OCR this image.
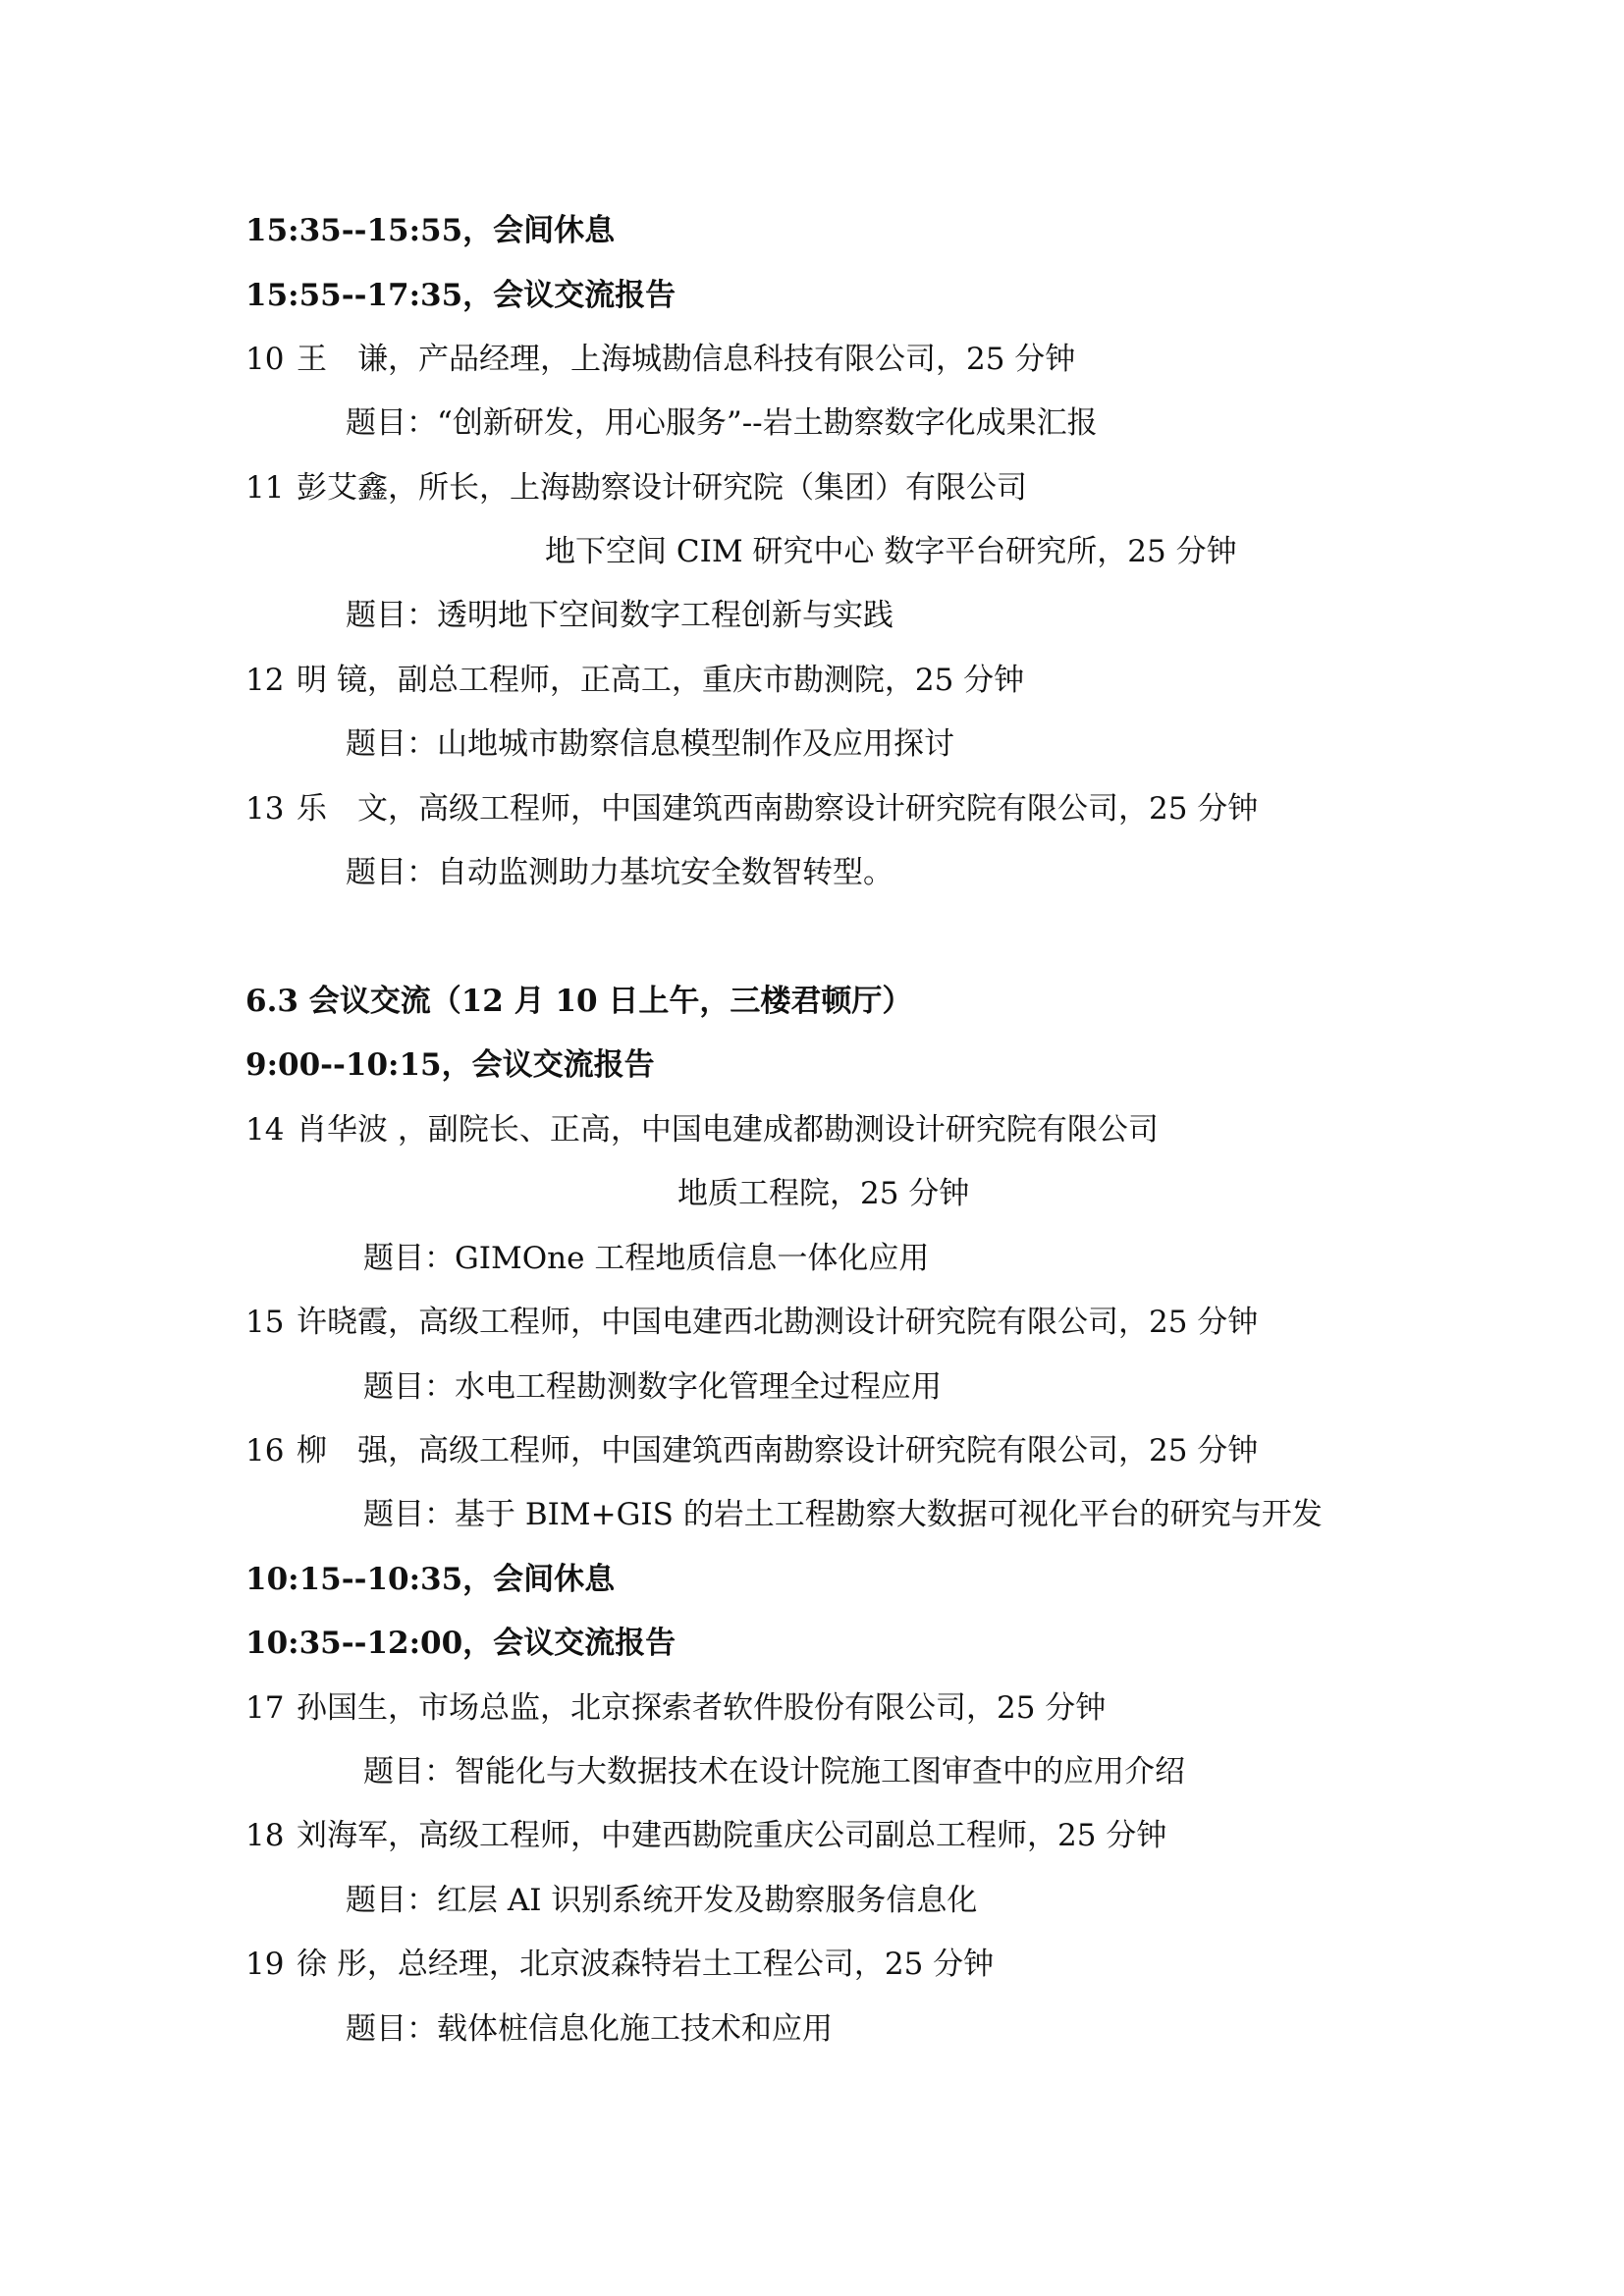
15:35--15:55，会间休息
15:55--17:35，会议交流报告
10 王　谦，产品经理，上海城勘信息科技有限公司，25 分钟
题目：“创新研发，用心服务”--岩土勘察数字化成果汇报
11 彭艾鑫，所长，上海勘察设计研究院（集团）有限公司
地下空间 CIM 研究中心 数字平台研究所，25 分钟
题目：透明地下空间数字工程创新与实践
12 明 镜，副总工程师，正高工，重庆市勘测院，25 分钟
题目：山地城市勘察信息模型制作及应用探讨
13 乐　文，高级工程师，中国建筑西南勘察设计研究院有限公司，25 分钟
题目：自动监测助力基坑安全数智转型。
6.3 会议交流（12 月 10 日上午，三楼君顿厅）
9:00--10:15，会议交流报告
14 肖华波 ，副院长、正高，中国电建成都勘测设计研究院有限公司
地质工程院，25 分钟
题目：GIMOne 工程地质信息一体化应用
15 许晓霞，高级工程师，中国电建西北勘测设计研究院有限公司，25 分钟
题目：水电工程勘测数字化管理全过程应用
16 柳　强，高级工程师，中国建筑西南勘察设计研究院有限公司，25 分钟
题目：基于 BIM+GIS 的岩土工程勘察大数据可视化平台的研究与开发
10:15--10:35，会间休息
10:35--12:00，会议交流报告
17 孙国生，市场总监，北京探索者软件股份有限公司，25 分钟
题目：智能化与大数据技术在设计院施工图审查中的应用介绍
18 刘海军，高级工程师，中建西勘院重庆公司副总工程师，25 分钟
题目：红层 AI 识别系统开发及勘察服务信息化
19 徐 彤，总经理，北京波森特岩土工程公司，25 分钟
题目：载体桩信息化施工技术和应用
